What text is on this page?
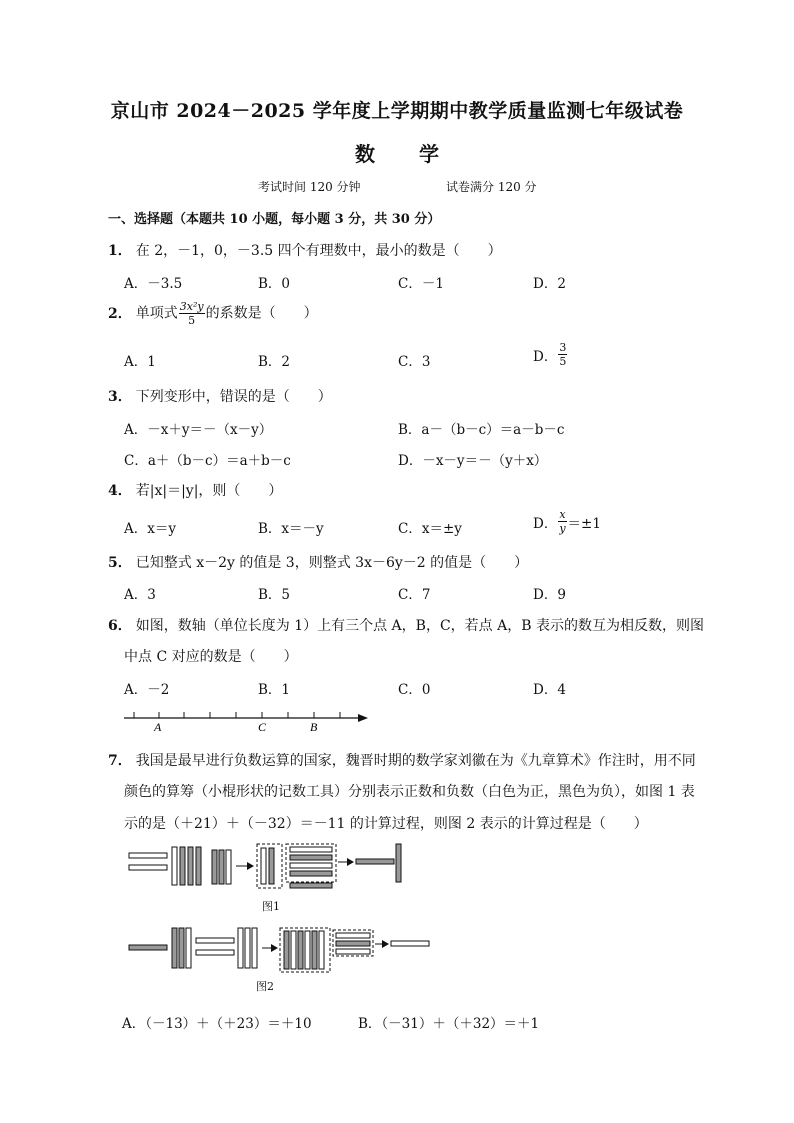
京山市 2024－2025 学年度上学期期中教学质量监测七年级试卷
数 学
考试时间 120 分钟	试卷满分 120 分
一、选择题（本题共 10 小题，每小题 3 分，共 30 分）
1． 在 2，－1，0，－3.5 四个有理数中，最小的数是（　　）
A．－3.5	B．0	C．－1	D．2
2． 单项式 $\frac{\text{3x²y}}{5}$ 的系数是（　　）
A．1	B．2	C．3	D． $\frac{3}{5}$
3． 下列变形中，错误的是（　　）
A．－x＋y＝－（x－y）	B．a－（b－c）＝a－b－c
C．a＋（b－c）＝a＋b－c	D．－x－y＝－（y＋x）
4． 若|x|＝|y|，则（　　）
A．x＝y	B．x＝－y	C．x＝±y	D． $\frac{x}{y} =\pm 1$
5． 已知整式 x－2y 的值是 3，则整式 3x－6y－2 的值是（　　）
A．3	B．5	C．7	D．9
6． 如图，数轴（单位长度为 1）上有三个点 A，B，C，若点 A，B 表示的数互为相反数，则图
中点 C 对应的数是（　　）
A．－2	B．1	C．0	D．4
A	C	B
7． 我国是最早进行负数运算的国家，魏晋时期的数学家刘徽在为《九章算术》作注时，用不同
颜色的算筹（小棍形状的记数工具）分别表示正数和负数（白色为正，黑色为负），如图 1 表
示的是（＋21）＋（－32）＝－11 的计算过程，则图 2 表示的计算过程是（　　）
图1
图2
A．（－13）＋（＋23）＝＋10	B．（－31）＋（＋32）＝＋1
